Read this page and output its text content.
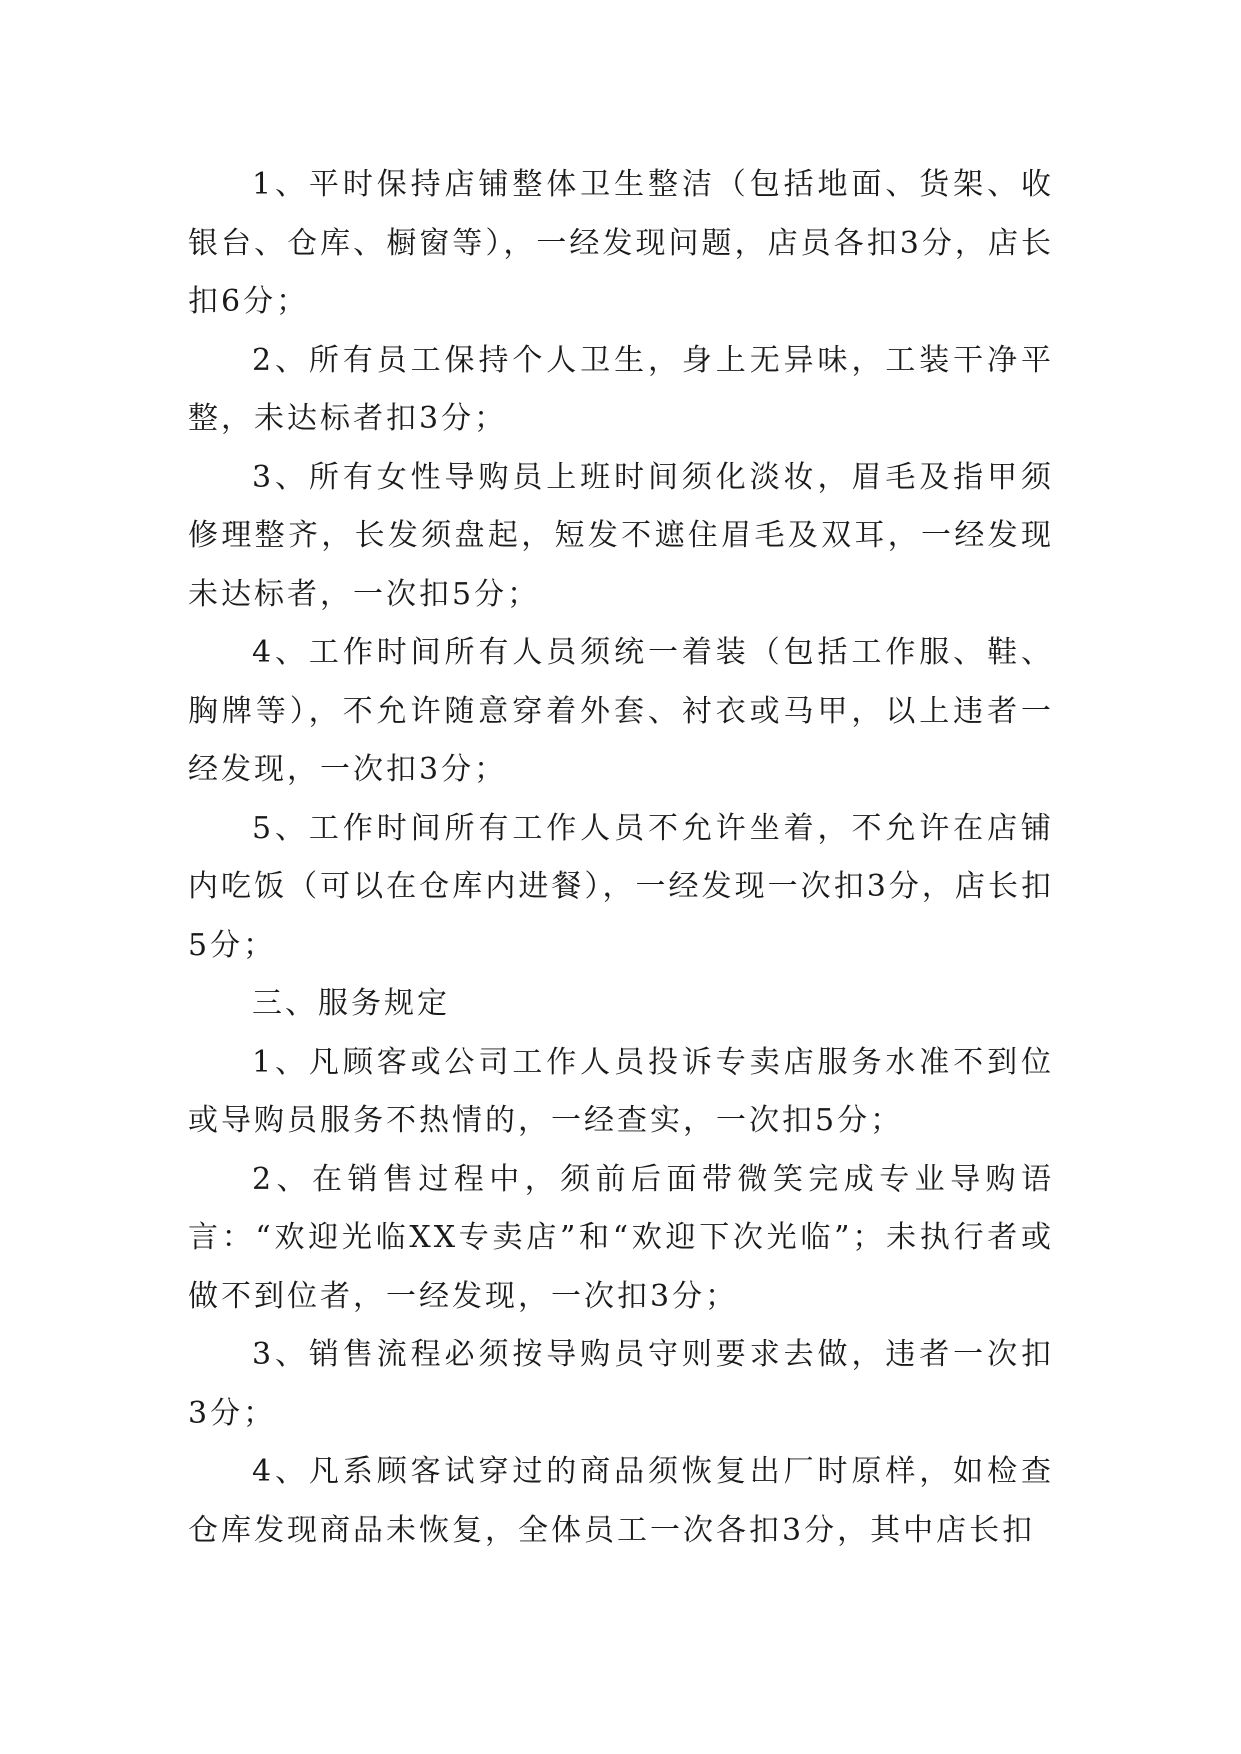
1、平时保持店铺整体卫生整洁（包括地面、货架、收银台、仓库、橱窗等），一经发现问题，店员各扣3分，店长扣6分；

2、所有员工保持个人卫生，身上无异味，工装干净平整，未达标者扣3分；

3、所有女性导购员上班时间须化淡妆，眉毛及指甲须修理整齐，长发须盘起，短发不遮住眉毛及双耳，一经发现未达标者，一次扣5分；

4、工作时间所有人员须统一着装（包括工作服、鞋、胸牌等），不允许随意穿着外套、衬衣或马甲，以上违者一经发现，一次扣3分；

5、工作时间所有工作人员不允许坐着，不允许在店铺内吃饭（可以在仓库内进餐），一经发现一次扣3分，店长扣5分；

三、服务规定

1、凡顾客或公司工作人员投诉专卖店服务水准不到位或导购员服务不热情的，一经查实，一次扣5分；

2、在销售过程中，须前后面带微笑完成专业导购语言：“欢迎光临XX专卖店”和“欢迎下次光临”；未执行者或做不到位者，一经发现，一次扣3分；

3、销售流程必须按导购员守则要求去做，违者一次扣3分；

4、凡系顾客试穿过的商品须恢复出厂时原样，如检查仓库发现商品未恢复，全体员工一次各扣3分，其中店长扣
